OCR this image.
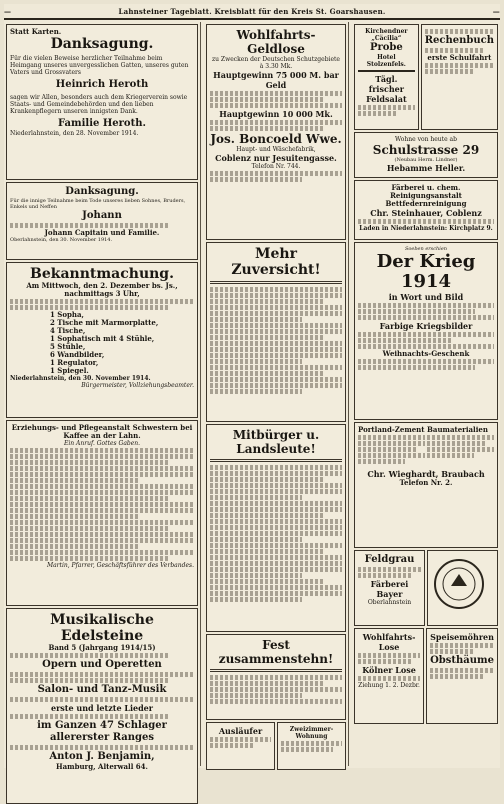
—	Lahnsteiner Tageblatt. Kreisblatt für den Kreis St. Goarshausen.	—
Statt Karten.
Danksagung.
Für die vielen Beweise herzlicher Teilnahme beim Heimgang unseres unvergesslichen Gatten, unseres guten Vaters und Grossvaters
Heinrich Heroth
sagen wir Allen, besonders auch dem Kriegerverein sowie Staats- und Gemeindebehörden und den lieben Krankenpflegern unseren innigsten Dank.
Familie Heroth.
Niederlahnstein, den 28. November 1914.
Danksagung.
Für die innige Teilnahme beim Tode unseres lieben Sohnes, Bruders, Enkels und Neffen
Johann
Johann Capitain und Familie.
Oberlahnstein, den 30. November 1914.
Bekanntmachung.
Am Mittwoch, den 2. Dezember bs. Js., nachmittags 3 Uhr,
1 Sopha,
2 Tische mit Marmorplatte,
4 Tische,
1 Sophatisch mit 4 Stühle,
5 Stühle,
6 Wandbilder,
1 Regulator,
1 Spiegel.
Niederlahnstein, den 30. November 1914.
Bürgermeister, Vollziehungsbeamter.
Erziehungs- und Pflegeanstalt Schwestern bei Kaffee an der Lahn.
Ein Anruf. Gottes Gaben.
Martin, Pfarrer, Geschäftsführer des Verbandes.
Musikalische Edelsteine
Band 5 (Jahrgang 1914/15)
Opern und Operetten
Salon- und Tanz-Musik
erste und letzte Lieder
im Ganzen 47 Schlager allererster Ranges
Anton J. Benjamin,
Hamburg, Alterwall 64.
Wohlfahrts-Geldlose
zu Zwecken der Deutschen Schutzgebiete à 3.30 Mk.
Hauptgewinn 75 000 M. bar Geld
Hauptgewinn 10 000 Mk.
Jos. Boncoeld Wwe.
Haupt- und Wäschefabrik,
Coblenz nur Jesuitengasse.
Telefon Nr. 744.
Mehr Zuversicht!
Mitbürger u. Landsleute!
Fest zusammenstehn!
Ausläufer	Zweizimmer-Wohnung
Kirchendner „Cäcilia“
Probe
Hotel Stolzenfels.
Tägl. frischer Feldsalat
Rechenbuch
erste Schulfahrt
Wohne von heute ab
Schulstrasse 29
(Neubau Herm. Lindner)
Hebamme Heller.
Färberei u. chem. Reinigungsanstalt
Bettfedernreinigung
Chr. Steinhauer, Coblenz
Laden in Niederlahnstein: Kirchplatz 9.
Soeben erschien
Der Krieg 1914
in Wort und Bild
Farbige Kriegsbilder
Weihnachts-Geschenk
Portland-Zement Baumaterialien
Chr. Wieghardt, Braubach
Telefon Nr. 2.
Feldgrau
Färberei Bayer
Oberlahnstein
Wohlfahrts-Lose
Kölner Lose
Ziehung 1. 2. Dezbr.
Speisemöhren
Obsthäume
